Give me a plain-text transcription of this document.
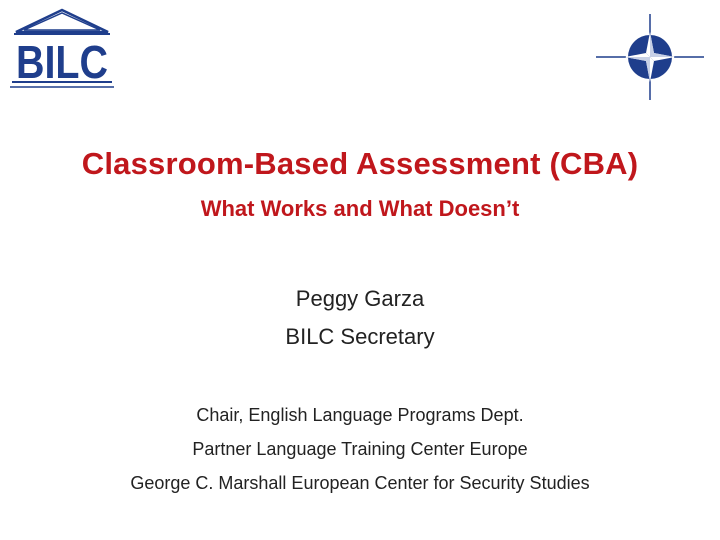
BILC
Classroom-Based Assessment (CBA)
What Works and What Doesn’t
Peggy Garza
BILC Secretary
Chair, English Language Programs Dept.
Partner Language Training Center Europe
George C. Marshall European Center for Security Studies
